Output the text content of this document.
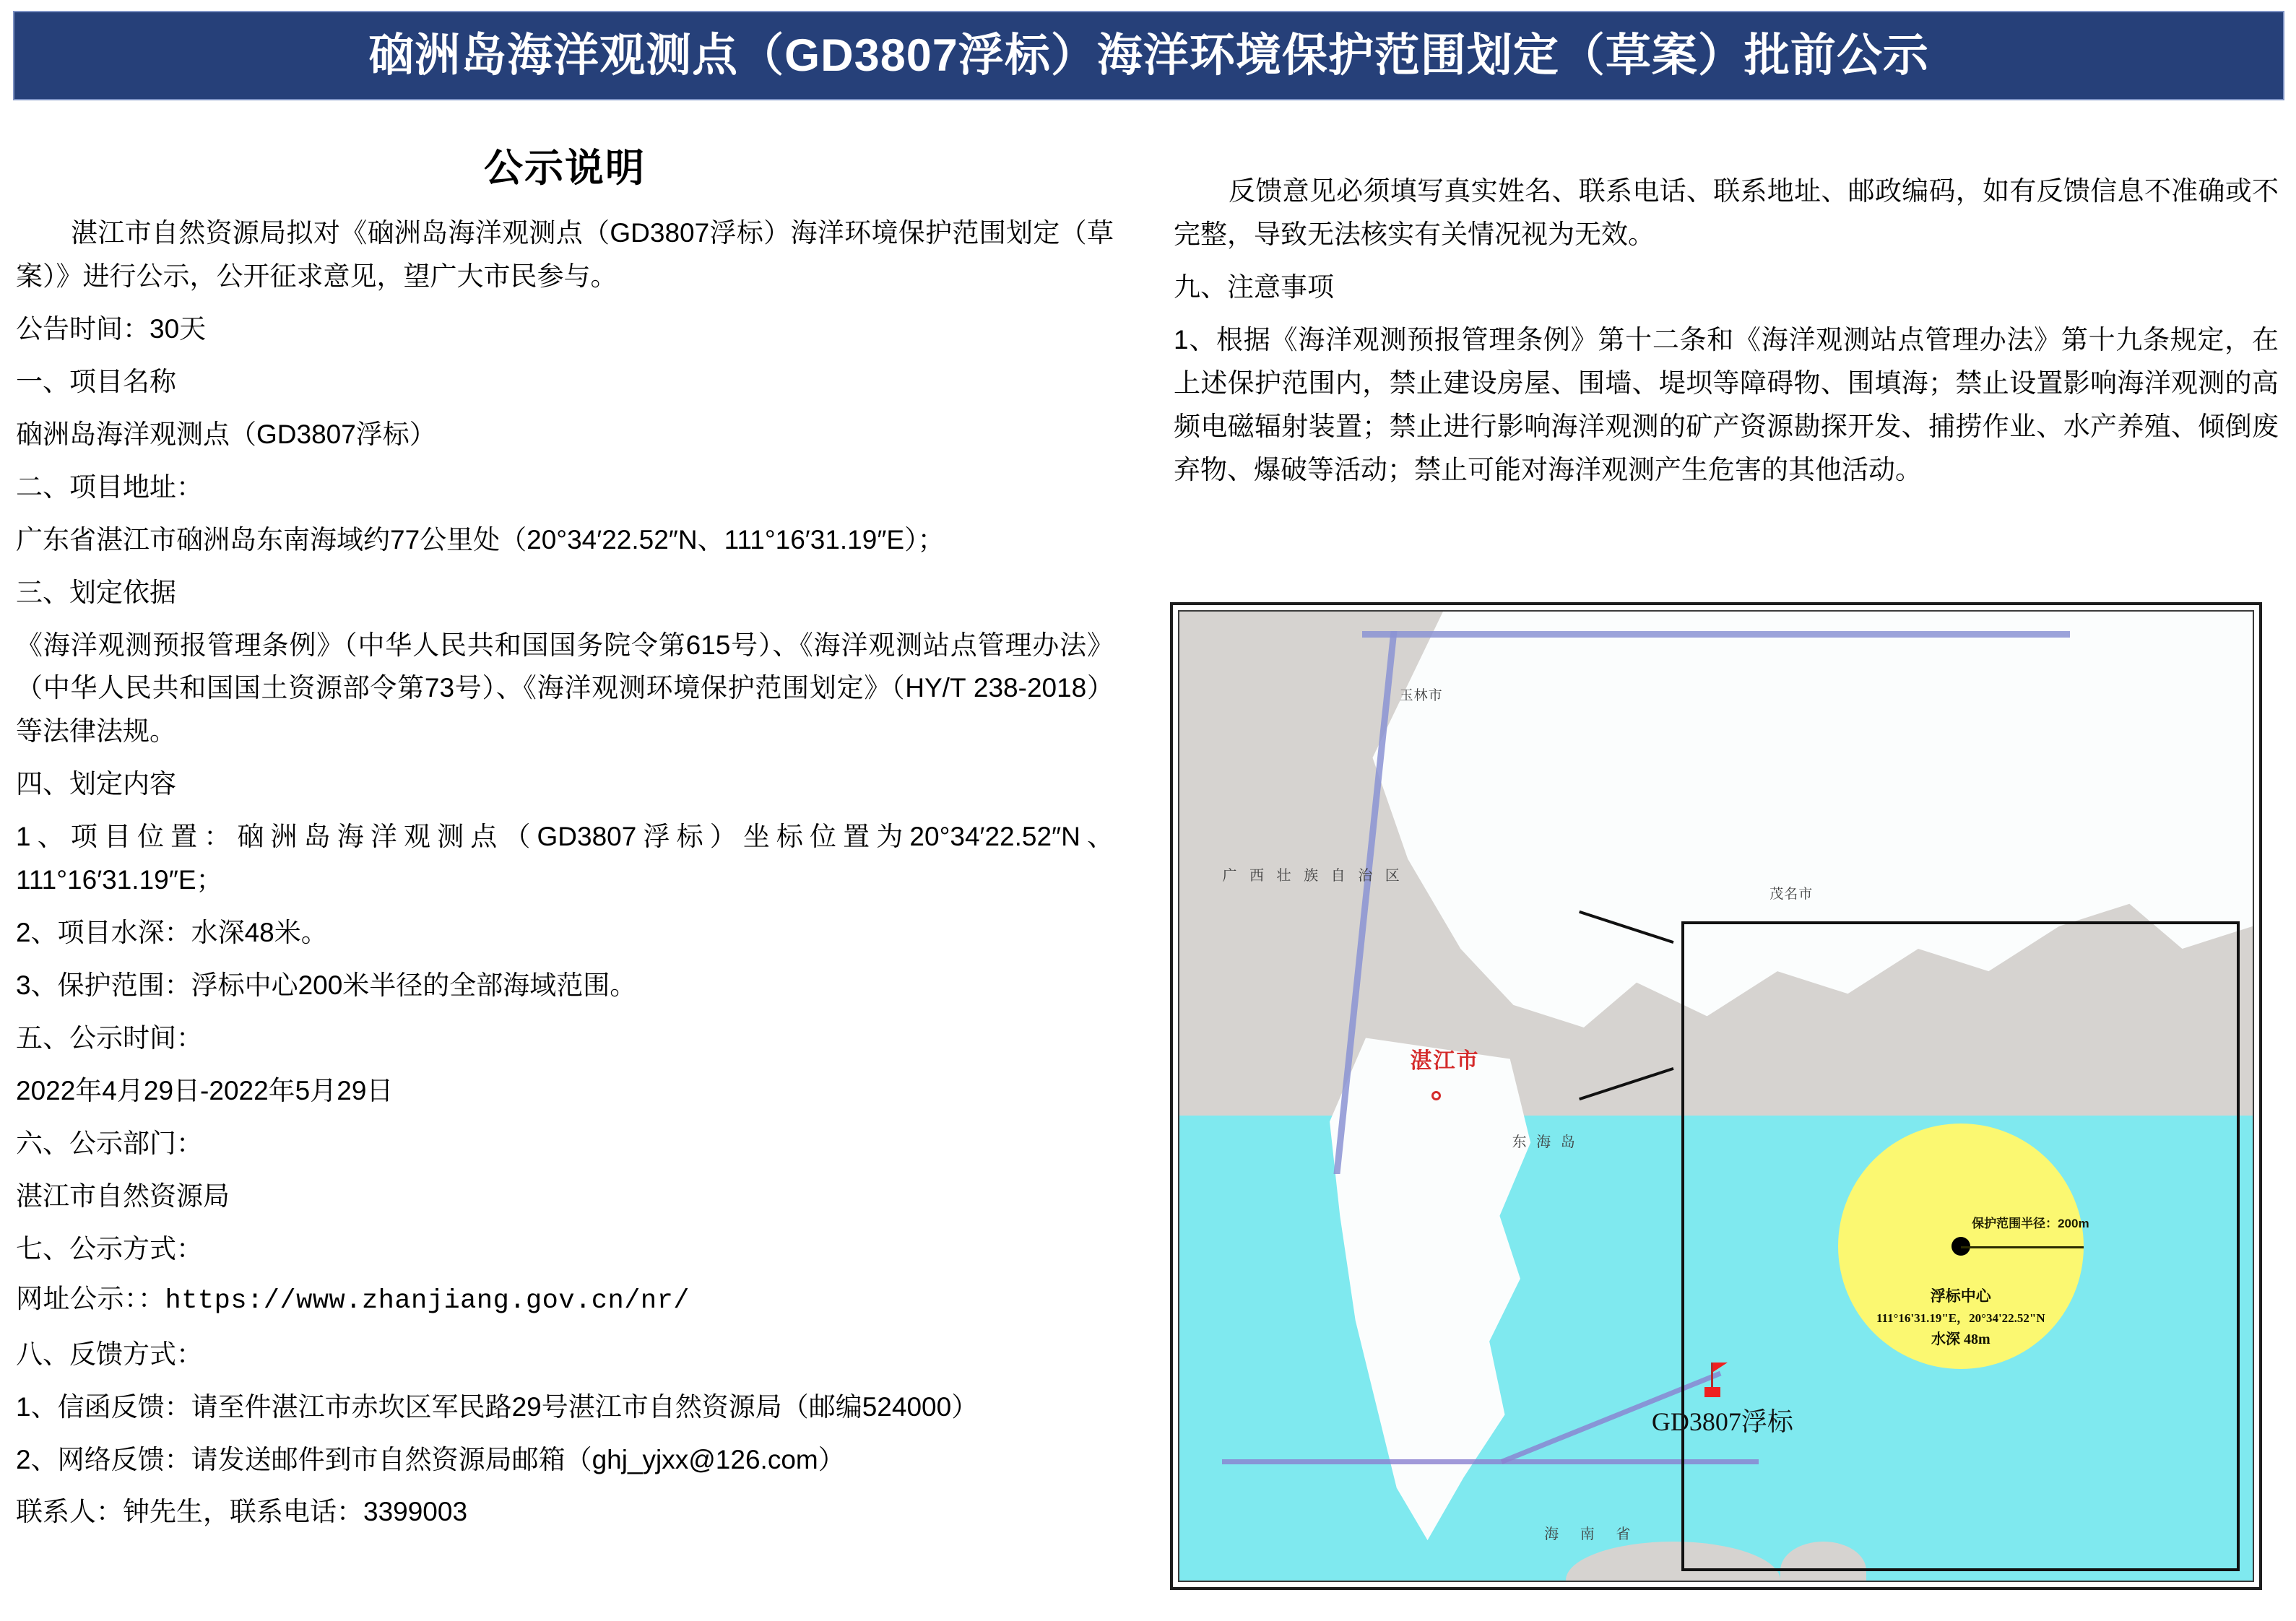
硇洲岛海洋观测点（GD3807浮标）海洋环境保护范围划定（草案）批前公示
公示说明

湛江市自然资源局拟对《硇洲岛海洋观测点（GD3807浮标）海洋环境保护范围划定（草案）》进行公示，公开征求意见，望广大市民参与。

公告时间：30天

一、项目名称

硇洲岛海洋观测点（GD3807浮标）

二、项目地址：

广东省湛江市硇洲岛东南海域约77公里处（20°34′22.52″N、111°16′31.19″E）；

三、划定依据

《海洋观测预报管理条例》（中华人民共和国国务院令第615号）、《海洋观测站点管理办法》（中华人民共和国国土资源部令第73号）、《海洋观测环境保护范围划定》（HY/T 238-2018）等法律法规。

四、划定内容

1、项目位置：硇洲岛海洋观测点（GD3807浮标）坐标位置为20°34′22.52″N、111°16′31.19″E；

2、项目水深：水深48米。

3、保护范围：浮标中心200米半径的全部海域范围。

五、公示时间：

2022年4月29日-2022年5月29日

六、公示部门：

湛江市自然资源局

七、公示方式：

网址公示：：https://www.zhanjiang.gov.cn/nr/

八、反馈方式：

1、信函反馈：请至件湛江市赤坎区军民路29号湛江市自然资源局（邮编524000）

2、网络反馈：请发送邮件到市自然资源局邮箱（ghj_yjxx@126.com）

联系人：钟先生，联系电话：3399003

反馈意见必须填写真实姓名、联系电话、联系地址、邮政编码，如有反馈信息不准确或不完整，导致无法核实有关情况视为无效。

九、注意事项

1、根据《海洋观测预报管理条例》第十二条和《海洋观测站点管理办法》第十九条规定，在上述保护范围内，禁止建设房屋、围墙、堤坝等障碍物、围填海；禁止设置影响海洋观测的高频电磁辐射装置；禁止进行影响海洋观测的矿产资源勘探开发、捕捞作业、水产养殖、倾倒废弃物、爆破等活动；禁止可能对海洋观测产生危害的其他活动。

广 西 壮 族 自 治 区
玉林市
茂名市
湛江市
东 海 岛
海 南 省
GD3807浮标
保护范围半径：200m
浮标中心
111°16'31.19"E，20°34'22.52"N
水深 48m
